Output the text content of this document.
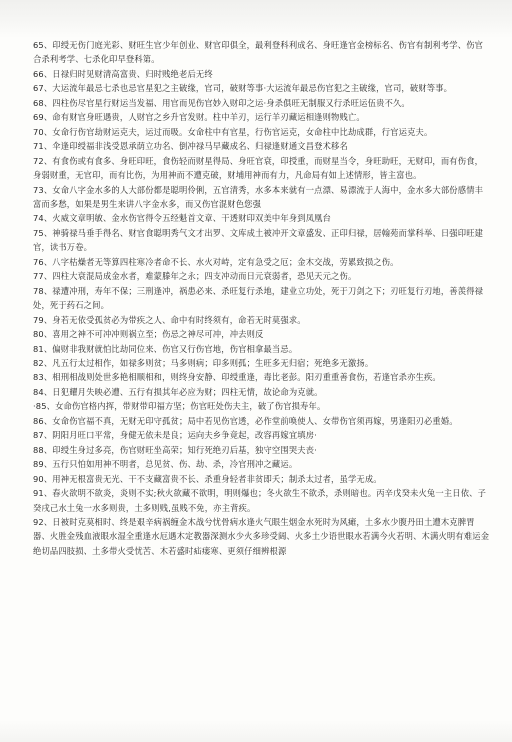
65、印绶无伤门庭光彩、财旺生官少年创业、财官印俱全，最利登科利成名、身旺逢官金榜标名、伤官有制利考学、伤官合杀利考学、七杀化印早登科第。

66、日禄归时见财清高富贵、归时贱绝老后无终

67、大运流年最忌七杀也忌官星犯之主破缘，官司，破财等事·大运流年最忌伤官犯之主破缘，官司，破财等事。

68、四柱伤尽官星行财运当发福、用官而见伤官妙入财印之运·身杀俱旺无制服又行杀旺运伍贵不久。

69、命有财官身旺遇贵，人财官之乡升官发财。柱中羊刃，运行羊刃藏运相逢则物贱亡。

70、女命行伤官劫财运克夫，运过而吸。女命柱中有官星，行伤官运克，女命柱中比劫成群，行官运克夫。

71、伞逢印绶福非浅受恩承荫立功名、倒冲禄马早藏成名、归禄逢财通文昌登术移名

72、有食伤或有食多、身旺印旺，食伤轻而财星得局、身旺官衰，印授重，而财星当令，身旺助旺，无财印，而有伤食，身弱财重，无官印，而有比伤，为用神而不遭克破，财埔用神而有力，凡命局有如上述情形，皆主富也。

73、女命八字金水多的人大部份都是聪明伶俐，五官清秀，水多本来就有一点漂、易漂流于人海中，金水多大部份感情丰富而多愁，如果是男生来讲八字金水多，而又伤官混财色您强

74、火威文章明敏、金水伤官得令五经魁首文章、干透财印双美中年身到凤凰台

75、神骑禄马垂手得名、财官食聪明秀气文才出罗、文库成土被冲开文章盛发、正印归禄，居翰苑而掌科举、日强印旺建官，读书万卷。

76、八字枯燥者无等算四柱寒冷者命不长、水火对峙，定有急受之厄；金木交战，劳累致损之伤。

77、四柱大衰混局成金水者，难蒙滕年之永；四支冲动而日元衰弱者，恐见天元之伤。

78、禄遭冲刑，寿年不保；三刑逢冲，祸患必来、杀旺复行杀地，建业立功处，死于刀剑之下；刃旺复行刃地，善羡得禄处，死于药石之间。

79、身若无依受孤贫必为带疾之人、命中有时终须有，命若无时莫强求。

80、喜用之神不可冲冲则祸立至；伤忌之神尽可冲，冲去则反

81、偏财非我财就怕比劫同位来、伤官又行伤官地，伤官相拿最当忌。

82、凡五行太过相作，如禄多则贫；马多则病；印多则孤；生旺多无归宿；死绝多无激扬。

83、相刑相战则处世多艳相顺相和，则终身安静、印绶重逢，毒比老彭。阳刃重重善食伤，若逢官杀亦生疾。

84、日犯耀月失映必遭、五行有损其年必应为财；四柱无情，故论命为克就。

·85、女命伤官格内挥，带财带印福方坚；伤官旺处伤夫主，破了伤官损寿年。

86、女命伤官福不真，无财无印守孤贫；局中若见伤官透，必作堂前唤使人、女带伤官须再嫁，男逢阳刃必重婚。

87、阴阳月旺口平常，身健无依未是良；运向夫乡争竟起，改容再嫁宜填房·

88、印绶生身过多亮，伤官财旺坐高荣；知行死绝刃后基，独守空围哭夫丧·

89、五行只怕如用神不明者，总见贫、伤、劫、杀，冷官刑冲之藏运。

90、用神无根富贵无光、干不支藏富贵不长、杀重身轻者非贫即夭；制杀太过者，虽学无成。

91、春火欲明不欲炎，炎则不实;秋火欲藏不欲明，明则爆也；冬火欲生不欲杀，杀则暗也。丙辛戊癸未火兔一主日依、子癸戌己水土兔一水多则贵，土多则贱,虽贱不免，亦主背疾。

92、日被时克莫相时、终是艰辛病祸缠金木战兮忧骨病水逢火气眼生烟金水死时为风瘫，土多水少腹丹田土遭木克脾胃器、火胜金残血液眼水湿全重逢水厄遇木定教器深测水少火多珍受阔、火多土少语世眼水若满今火若明、木满火明有难运金绝切品四肢损、土多带火受忧苦、木若盛时疝瘘寒、更须仔细辨根源
